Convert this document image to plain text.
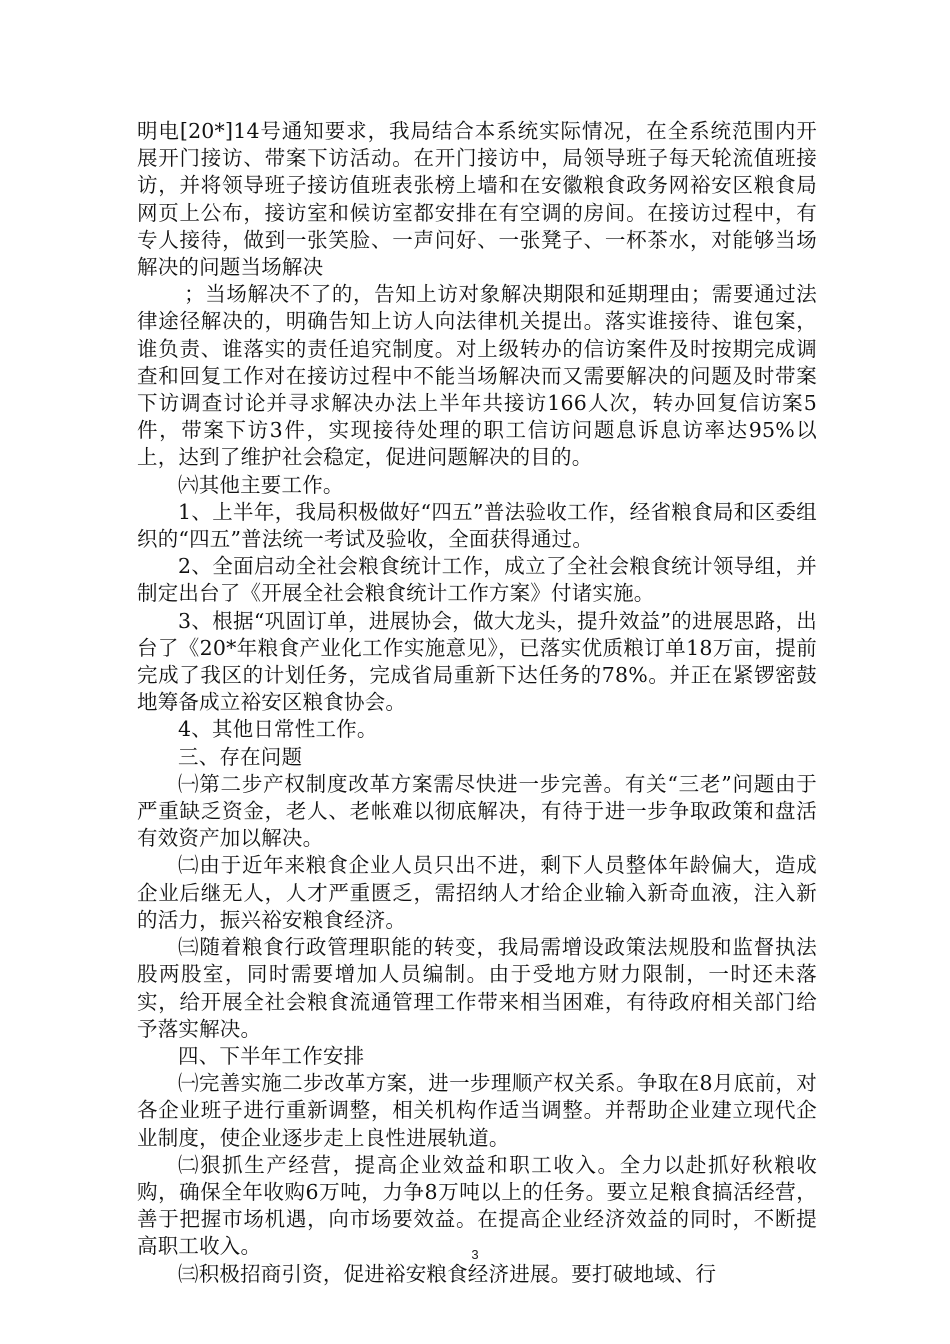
明电[20*]14号通知要求，我局结合本系统实际情况，在全系统范围内开展开门接访、带案下访活动。在开门接访中，局领导班子每天轮流值班接访，并将领导班子接访值班表张榜上墙和在安徽粮食政务网裕安区粮食局网页上公布，接访室和候访室都安排在有空调的房间。在接访过程中，有专人接待，做到一张笑脸、一声问好、一张凳子、一杯茶水，对能够当场解决的问题当场解决

；当场解决不了的，告知上访对象解决期限和延期理由；需要通过法律途径解决的，明确告知上访人向法律机关提出。落实谁接待、谁包案，谁负责、谁落实的责任追究制度。对上级转办的信访案件及时按期完成调查和回复工作对在接访过程中不能当场解决而又需要解决的问题及时带案下访调查讨论并寻求解决办法上半年共接访166人次，转办回复信访案5件，带案下访3件，实现接待处理的职工信访问题息诉息访率达95%以上，达到了维护社会稳定，促进问题解决的目的。

㈥其他主要工作。

1、上半年，我局积极做好“四五”普法验收工作，经省粮食局和区委组织的“四五”普法统一考试及验收，全面获得通过。

2、全面启动全社会粮食统计工作，成立了全社会粮食统计领导组，并制定出台了《开展全社会粮食统计工作方案》付诸实施。

3、根据“巩固订单，进展协会，做大龙头，提升效益”的进展思路，出台了《20*年粮食产业化工作实施意见》，已落实优质粮订单18万亩，提前完成了我区的计划任务，完成省局重新下达任务的78%。并正在紧锣密鼓地筹备成立裕安区粮食协会。

4、其他日常性工作。

三、存在问题

㈠第二步产权制度改革方案需尽快进一步完善。有关“三老”问题由于严重缺乏资金，老人、老帐难以彻底解决，有待于进一步争取政策和盘活有效资产加以解决。

㈡由于近年来粮食企业人员只出不进，剩下人员整体年龄偏大，造成企业后继无人，人才严重匮乏，需招纳人才给企业输入新奇血液，注入新的活力，振兴裕安粮食经济。

㈢随着粮食行政管理职能的转变，我局需增设政策法规股和监督执法股两股室，同时需要增加人员编制。由于受地方财力限制，一时还未落实，给开展全社会粮食流通管理工作带来相当困难，有待政府相关部门给予落实解决。

四、下半年工作安排

㈠完善实施二步改革方案，进一步理顺产权关系。争取在8月底前，对各企业班子进行重新调整，相关机构作适当调整。并帮助企业建立现代企业制度，使企业逐步走上良性进展轨道。

㈡狠抓生产经营，提高企业效益和职工收入。全力以赴抓好秋粮收购，确保全年收购6万吨，力争8万吨以上的任务。要立足粮食搞活经营，善于把握市场机遇，向市场要效益。在提高企业经济效益的同时，不断提高职工收入。

㈢积极招商引资，促进裕安粮食经济进展。要打破地域、行

3
